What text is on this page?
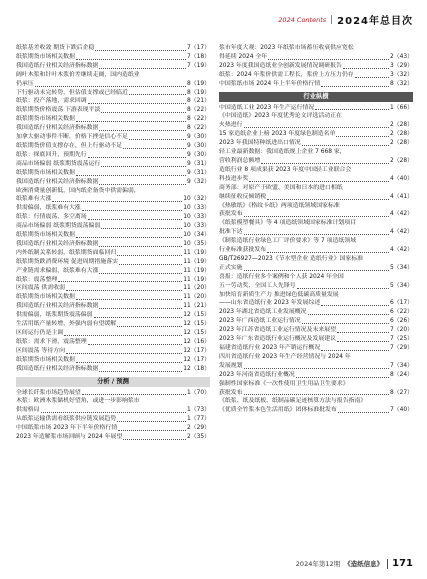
2024 Contents 2024年总目次
纸浆基差收敛 期货下跌后企稳	7（17）
纸浆期货市场相关数据	7（18）
我国造纸行业相关经济指标数据	7（19）
阔叶木浆和针叶木浆价差继续走阔，国内造纸业
仍承压	8（19）
下行驱动未完转势，但估值支撑或已经临近	8（19）
纸浆：投产落地，需求回调	8（21）
纸浆期货价格震荡 下游表现平淡	8（22）
纸浆期货市场相关数据	8（22）
我国造纸行业相关经济指标数据	8（22）
加拿大驱动事件不断，价格下挫是信心不足	9（30）
纸浆期货价值支撑存在，但上行驱动不足	9（30）
纸浆：探底回升，预期先行	9（30）
商品市场偏弱 纸浆期货震荡运行	9（31）
纸浆期货市场相关数据	9（31）
我国造纸行业相关经济指标数据	9（32）
欧洲消费量创新低，国内纸企备货中供需偏弱，
纸浆难有大涨	10（32）
供需偏弱，纸浆难有大涨	10（33）
纸浆：行情震荡，多空离场	10（33）
商品市场偏弱 纸浆期货震荡偏弱	10（33）
纸浆期货市场相关数据	10（34）
我国造纸行业相关经济指标数据	10（35）
内外纸制关系转弱，纸浆期货面临回归	11（19）
纸浆期货跌消费环境 促进周期措施落实	11（19）
产业链需求偏弱，纸浆难有大涨	11（19）
纸浆：震荡整理	11（19）
区间震荡 供需收弱	11（20）
纸浆期货市场相关数据	11（20）
我国造纸行业相关经济指标数据	11（21）
供需偏弱，纸浆期货震荡偏弱	12（15）
生活用纸产量转增，外强内弱有望缓解	12（15）
区间运行仍是主调	12（15）
纸浆：需求下滑，震荡整理	12（16）
区间震荡 等待方向	12（17）
纸浆期货市场相关数据	12（17）
我国造纸行业相关经济指标数据	12（18）
分析 / 预测
全球长纤浆市场趋势展望	1（70）
木浆：欧洲木浆储机好望角，或进一步影响浆市
供需格局	1（73）
从纸浆运输供需看纸浆供应链发展趋势	1（77）
中国纸浆市场 2023 年下半年价格行情	2（29）
2023 年造解浆市场回顾与 2024 年展望	2（35）
浆市年度大观：2023 年纸浆市场蓄压收衰供应宽松
得延续 2024 全年	2（43）
2023 年度我国造纸业全创新发展情况调研报告	3（29）
纸浆：2024 年浆价供需工程长，浆价上方压力仍存	3（32）
中国浆纸市场 2024 年上半年价格行情	8（32）
行业纵横
中国造纸工业 2023 年生产运行情况	1（66）
《中国造纸》2023 年度优秀论文评选活动正在
火热进行	2（28）
15 家造纸企业上榜 2023 年度绿色制造名单	2（28）
2023 年我国特种纸进出口情况	2（28）
轻工业最新数据：我国造纸规上企业 7 668 家，
营收利润总额增	2（28）
造纸行业 8 项成果获 2023 年度中国轻工业联合会
科技进步奖	4（40）
商务部：对原产于欧盟、美国和日本的进口相纸
继续征收反倾销税	4（41）
《热敏纸》《格纹卡纸》两项造纸领域国家标准
获批发布	4（42）
《纸浆模塑餐具》等 4 项造纸领域国家标准计划项目
批准下达	4（42）
《制浆造纸行业绿色工厂评价要求》等 7 项造纸领域
行业标准获批发布	4（42）
GB/T26927—2023《节水型企业 造纸行业》国家标准
正式实施	5（34）
喜报：造纸行业多个案例和个人获 2024 年全国
五一劳动奖、全国工人先锋号	5（34）
加快培育新质生产力 推进绿色低碳高质量发展
——山东省造纸行业 2023 年发展综述	6（17）
2023 年湖北省造纸工业发展概况	6（22）
2023 年广西造纸工业运行情况	6（26）
2023 年江苏省造纸工业运行情况及未来展望	7（20）
2023 年广东省造纸行业运行概况及发展建议	7（25）
福建省造纸行业 2023 年产销运行概况	7（29）
四川省造纸行业 2023 年生产经营情况与 2024 年
发展规划	7（34）
2023 年河南省造纸行业概况	8（24）
强制性国家标准《一次性使用卫生用品卫生要求》
获批发布	8（27）
《纸浆、纸及纸板、纸制品碳足迹核算方法与报告指南》
《优质全竹浆本色生活用纸》团体标准批发布	7（40）
2024年第12期 《造纸信息》 171
